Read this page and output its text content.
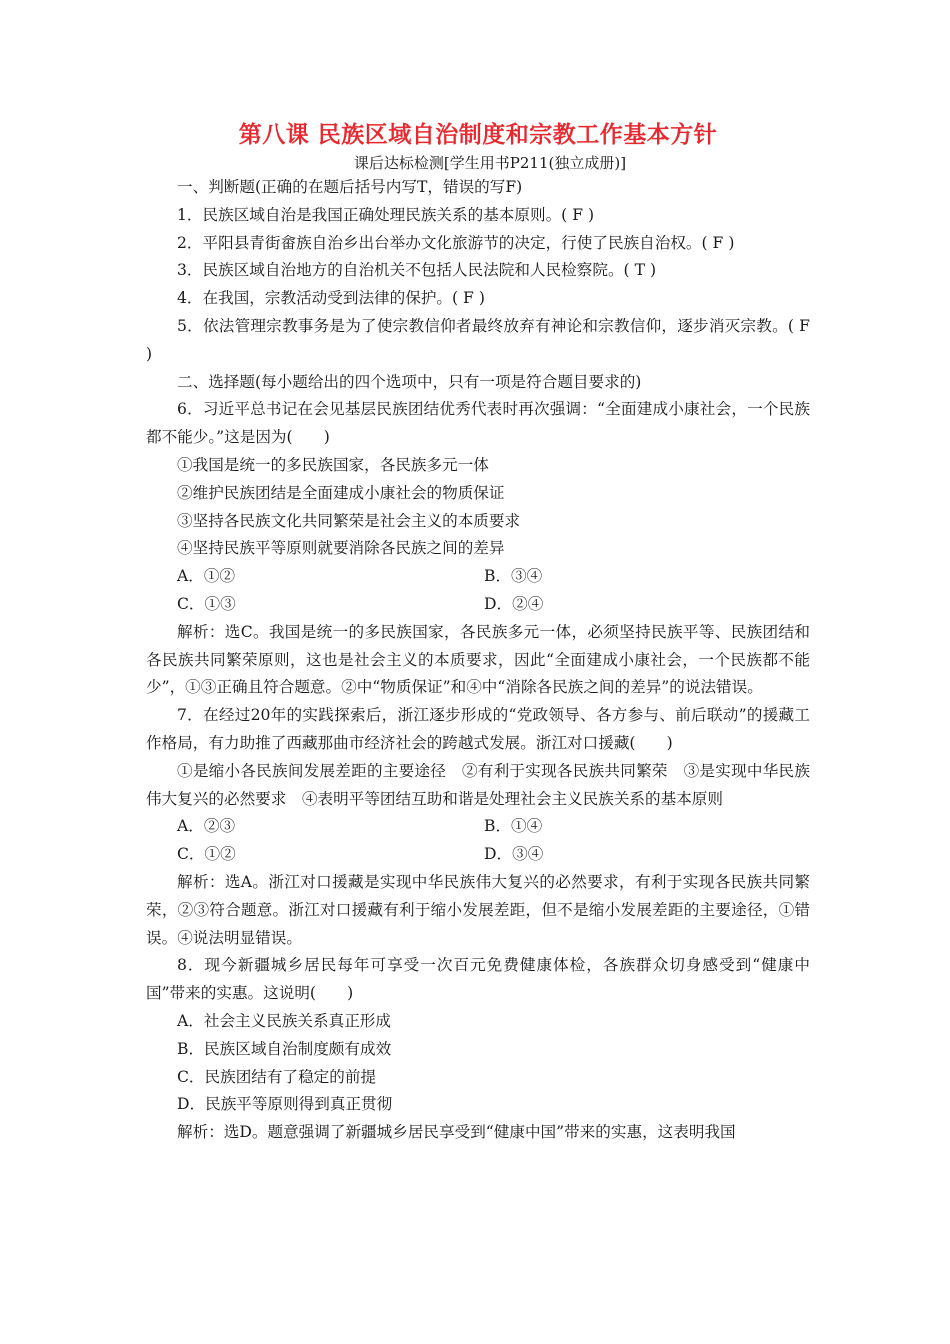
第八课 民族区域自治制度和宗教工作基本方针
课后达标检测[学生用书P211(独立成册)]

一、判断题(正确的在题后括号内写T，错误的写F)

1．民族区域自治是我国正确处理民族关系的基本原则。( F )

2．平阳县青街畲族自治乡出台举办文化旅游节的决定，行使了民族自治权。( F )

3．民族区域自治地方的自治机关不包括人民法院和人民检察院。( T )

4．在我国，宗教活动受到法律的保护。( F )

5．依法管理宗教事务是为了使宗教信仰者最终放弃有神论和宗教信仰，逐步消灭宗教。( F )

二、选择题(每小题给出的四个选项中，只有一项是符合题目要求的)

6．习近平总书记在会见基层民族团结优秀代表时再次强调：“全面建成小康社会，一个民族都不能少。”这是因为(　　)

①我国是统一的多民族国家，各民族多元一体

②维护民族团结是全面建成小康社会的物质保证

③坚持各民族文化共同繁荣是社会主义的本质要求

④坚持民族平等原则就要消除各民族之间的差异

A．①②	B．③④
C．①③	D．②④

解析：选C。我国是统一的多民族国家，各民族多元一体，必须坚持民族平等、民族团结和各民族共同繁荣原则，这也是社会主义的本质要求，因此“全面建成小康社会，一个民族都不能少”，①③正确且符合题意。②中“物质保证”和④中“消除各民族之间的差异”的说法错误。

7．在经过20年的实践探索后，浙江逐步形成的“党政领导、各方参与、前后联动”的援藏工作格局，有力助推了西藏那曲市经济社会的跨越式发展。浙江对口援藏(　　)

①是缩小各民族间发展差距的主要途径　②有利于实现各民族共同繁荣　③是实现中华民族伟大复兴的必然要求　④表明平等团结互助和谐是处理社会主义民族关系的基本原则

A．②③	B．①④
C．①②	D．③④

解析：选A。浙江对口援藏是实现中华民族伟大复兴的必然要求，有利于实现各民族共同繁荣，②③符合题意。浙江对口援藏有利于缩小发展差距，但不是缩小发展差距的主要途径，①错误。④说法明显错误。

8．现今新疆城乡居民每年可享受一次百元免费健康体检，各族群众切身感受到“健康中国”带来的实惠。这说明(　　)

A．社会主义民族关系真正形成

B．民族区域自治制度颇有成效

C．民族团结有了稳定的前提

D．民族平等原则得到真正贯彻

解析：选D。题意强调了新疆城乡居民享受到“健康中国”带来的实惠，这表明我国
